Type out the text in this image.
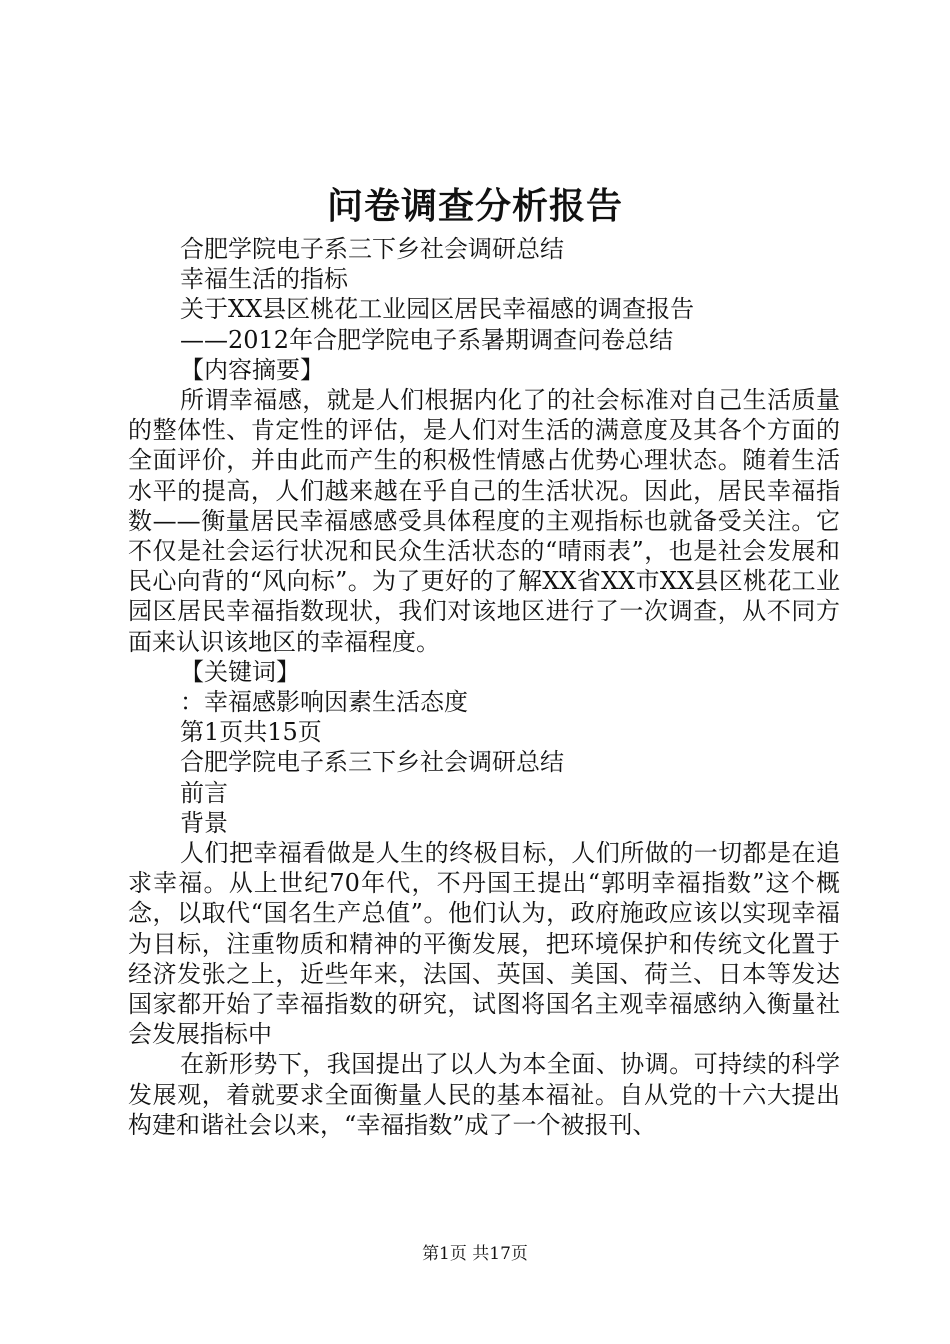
问卷调查分析报告
合肥学院电子系三下乡社会调研总结
幸福生活的指标
关于XX县区桃花工业园区居民幸福感的调查报告
——2012年合肥学院电子系暑期调查问卷总结
【内容摘要】
所谓幸福感，就是人们根据内化了的社会标准对自己生活质量的整体性、肯定性的评估，是人们对生活的满意度及其各个方面的全面评价，并由此而产生的积极性情感占优势心理状态。随着生活水平的提高，人们越来越在乎自己的生活状况。因此，居民幸福指数——衡量居民幸福感感受具体程度的主观指标也就备受关注。它不仅是社会运行状况和民众生活状态的“晴雨表”，也是社会发展和民心向背的“风向标”。为了更好的了解XX省XX市XX县区桃花工业园区居民幸福指数现状，我们对该地区进行了一次调查，从不同方面来认识该地区的幸福程度。
【关键词】
：幸福感影响因素生活态度
第1页共15页
合肥学院电子系三下乡社会调研总结
前言
背景
人们把幸福看做是人生的终极目标，人们所做的一切都是在追求幸福。从上世纪70年代，不丹国王提出“郭明幸福指数”这个概念，以取代“国名生产总值”。他们认为，政府施政应该以实现幸福为目标，注重物质和精神的平衡发展，把环境保护和传统文化置于经济发张之上，近些年来，法国、英国、美国、荷兰、日本等发达国家都开始了幸福指数的研究，试图将国名主观幸福感纳入衡量社会发展指标中
在新形势下，我国提出了以人为本全面、协调。可持续的科学发展观，着就要求全面衡量人民的基本福祉。自从党的十六大提出构建和谐社会以来，“幸福指数”成了一个被报刊、
第1页 共17页
